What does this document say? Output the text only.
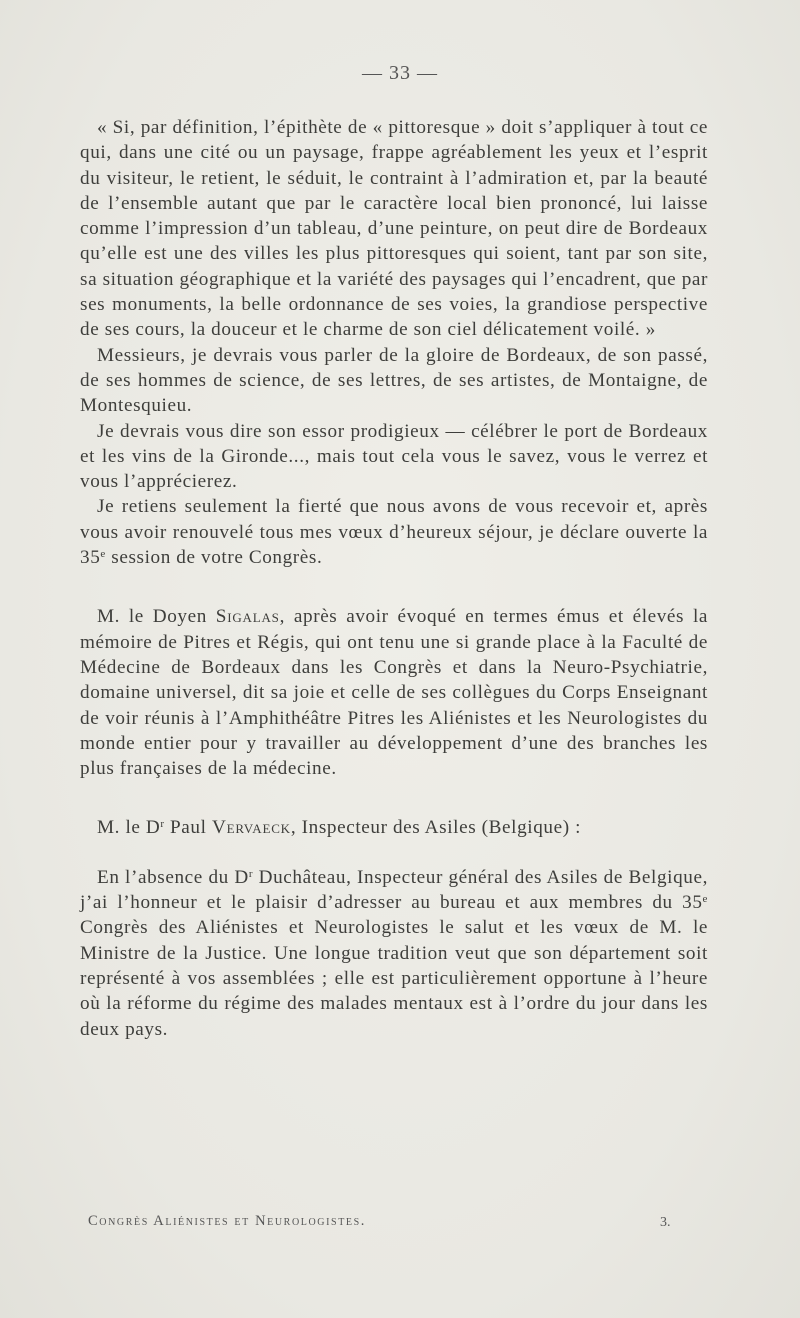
— 33 —

« Si, par définition, l’épithète de « pittoresque » doit s’appliquer à tout ce qui, dans une cité ou un paysage, frappe agréablement les yeux et l’esprit du visiteur, le retient, le séduit, le contraint à l’admiration et, par la beauté de l’ensemble autant que par le caractère local bien prononcé, lui laisse comme l’impression d’un tableau, d’une peinture, on peut dire de Bordeaux qu’elle est une des villes les plus pittoresques qui soient, tant par son site, sa situation géographique et la variété des paysages qui l’encadrent, que par ses monuments, la belle ordonnance de ses voies, la grandiose perspective de ses cours, la douceur et le charme de son ciel délicatement voilé. »

Messieurs, je devrais vous parler de la gloire de Bordeaux, de son passé, de ses hommes de science, de ses lettres, de ses artistes, de Montaigne, de Montesquieu.

Je devrais vous dire son essor prodigieux — célébrer le port de Bordeaux et les vins de la Gironde..., mais tout cela vous le savez, vous le verrez et vous l’apprécierez.

Je retiens seulement la fierté que nous avons de vous recevoir et, après vous avoir renouvelé tous mes vœux d’heureux séjour, je déclare ouverte la 35e session de votre Congrès.

M. le Doyen Sigalas, après avoir évoqué en termes émus et élevés la mémoire de Pitres et Régis, qui ont tenu une si grande place à la Faculté de Médecine de Bordeaux dans les Congrès et dans la Neuro-Psychiatrie, domaine universel, dit sa joie et celle de ses collègues du Corps Enseignant de voir réunis à l’Amphithéâtre Pitres les Aliénistes et les Neurologistes du monde entier pour y travailler au développement d’une des branches les plus françaises de la médecine.

M. le $D^r$ Paul Vervaeck, Inspecteur des Asiles (Belgique) :

En l’absence du $D^r$ Duchâteau, Inspecteur général des Asiles de Belgique, j’ai l’honneur et le plaisir d’adresser au bureau et aux membres du 35e Congrès des Aliénistes et Neurologistes le salut et les vœux de M. le Ministre de la Justice. Une longue tradition veut que son département soit représenté à vos assemblées ; elle est particulièrement opportune à l’heure où la réforme du régime des malades mentaux est à l’ordre du jour dans les deux pays.

Congrès Aliénistes et Neurologistes.	3.
